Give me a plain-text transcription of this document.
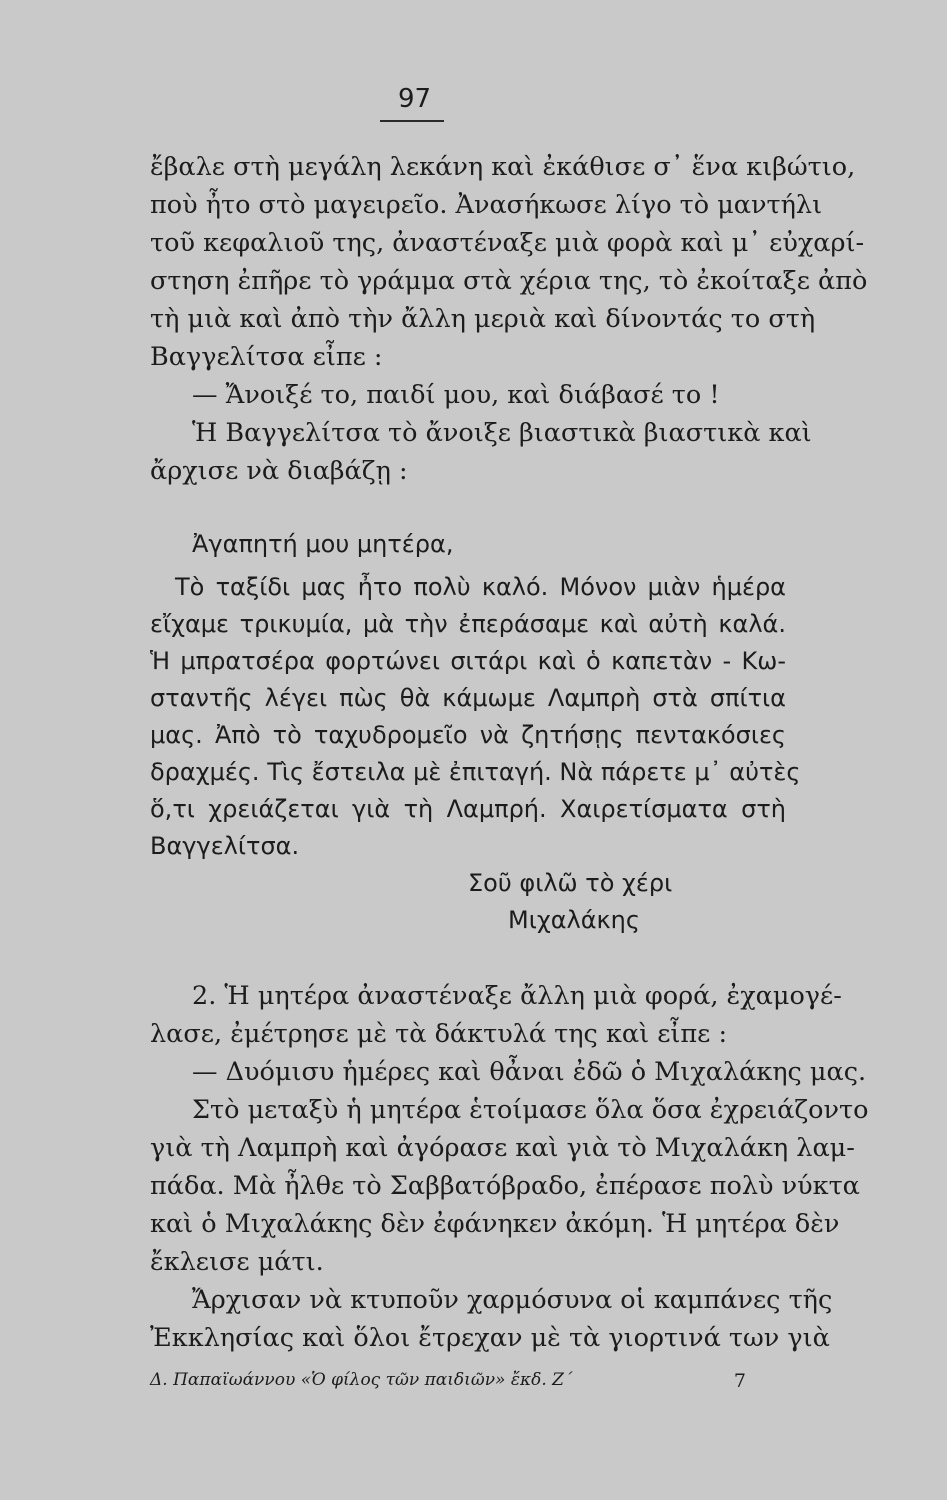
97
ἔβαλε στὴ μεγάλη λεκάνη καὶ ἐκάθισε σ᾿ ἕνα κιβώτιο,
ποὺ ἦτο στὸ μαγειρεῖο. Ἀνασήκωσε λίγο τὸ μαντήλι
τοῦ κεφαλιοῦ της, ἀναστέναξε μιὰ φορὰ καὶ μ᾿ εὐχαρί-
στηση ἐπῆρε τὸ γράμμα στὰ χέρια της, τὸ ἐκοίταξε ἀπὸ
τὴ μιὰ καὶ ἀπὸ τὴν ἄλλη μεριὰ καὶ δίνοντάς το στὴ
Βαγγελίτσα εἶπε :
— Ἄνοιξέ το, παιδί μου, καὶ διάβασέ το !
Ἡ Βαγγελίτσα τὸ ἄνοιξε βιαστικὰ βιαστικὰ καὶ
ἄρχισε νὰ διαβάζῃ :
Ἀγαπητή μου μητέρα,
Τὸ ταξίδι μας ἦτο πολὺ καλό. Μόνον μιὰν ἡμέρα
εἴχαμε τρικυμία, μὰ τὴν ἐπεράσαμε καὶ αὐτὴ καλά.
Ἡ μπρατσέρα φορτώνει σιτάρι καὶ ὁ καπετὰν - Κω-
σταντῆς λέγει πὼς θὰ κάμωμε Λαμπρὴ στὰ σπίτια
μας. Ἀπὸ τὸ ταχυδρομεῖο νὰ ζητήσῃς πεντακόσιες
δραχμές. Τὶς ἔστειλα μὲ ἐπιταγή. Νὰ πάρετε μ᾿ αὐτὲς
ὅ,τι χρειάζεται γιὰ τὴ Λαμπρή. Χαιρετίσματα στὴ
Βαγγελίτσα.
Σοῦ φιλῶ τὸ χέρι
Μιχαλάκης
2. Ἡ μητέρα ἀναστέναξε ἄλλη μιὰ φορά, ἐχαμογέ-
λασε, ἐμέτρησε μὲ τὰ δάκτυλά της καὶ εἶπε :
— Δυόμισυ ἡμέρες καὶ θἆναι ἐδῶ ὁ Μιχαλάκης μας.
Στὸ μεταξὺ ἡ μητέρα ἑτοίμασε ὅλα ὅσα ἐχρειάζοντο
γιὰ τὴ Λαμπρὴ καὶ ἀγόρασε καὶ γιὰ τὸ Μιχαλάκη λαμ-
πάδα. Μὰ ἦλθε τὸ Σαββατόβραδο, ἐπέρασε πολὺ νύκτα
καὶ ὁ Μιχαλάκης δὲν ἐφάνηκεν ἀκόμη. Ἡ μητέρα δὲν
ἔκλεισε μάτι.
Ἄρχισαν νὰ κτυποῦν χαρμόσυνα οἱ καμπάνες τῆς
Ἐκκλησίας καὶ ὅλοι ἔτρεχαν μὲ τὰ γιορτινά των γιὰ
Δ. Παπαϊωάννου «Ὁ φίλος τῶν παιδιῶν» ἔκδ. Ζ΄	7
